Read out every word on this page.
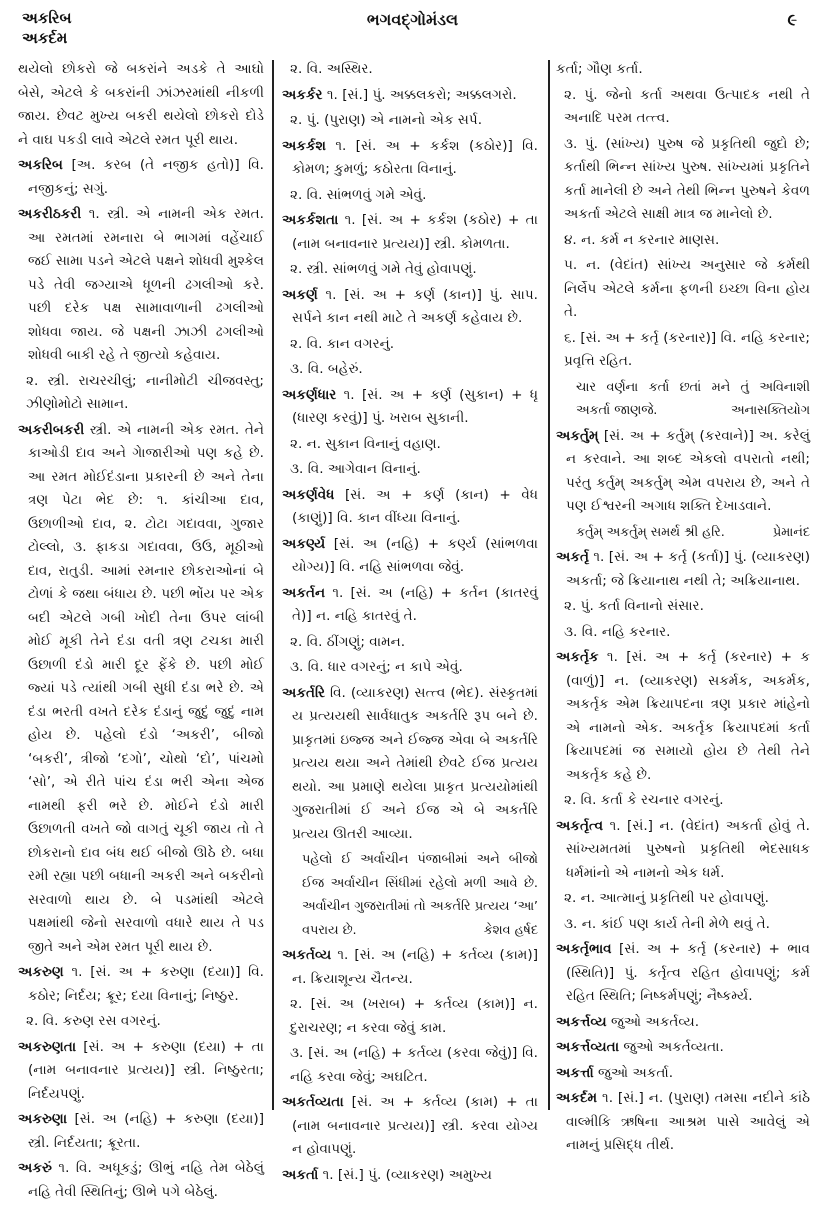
અકરિબ
અકર્દમ
ભગવદ્ગોમંડલ	૯

થયેલો છોકરો જે બકરાંને અડકે તે આઘો બેસે, એટલે કે બકરાંની ઝાંઝરમાંથી નીકળી જાય. છેવટ મુખ્ય બકરી થયેલો છોકરો દોડે ને વાઘ પકડી લાવે એટલે રમત પૂરી થાય.

અકરિબ [અ. કરબ (તે નજીક હતો)] વિ. નજીકનું; સગું.

અકરીઠકરી ૧. સ્ત્રી. એ નામની એક રમત. આ રમતમાં રમનારા બે ભાગમાં વહેંચાઈ જઈ સામા પડને એટલે પક્ષને શોધવી મુશ્કેલ પડે તેવી જગ્યાએ ધૂળની ઢગલીઓ કરે. પછી દરેક પક્ષ સામાવાળાની ઢગલીઓ શોધવા જાય. જે પક્ષની ઝાઝી ઢગલીઓ શોધવી બાકી રહે તે જીત્યો કહેવાય.

૨. સ્ત્રી. રાચરચીલું; નાનીમોટી ચીજવસ્તુ; ઝીણોમોટો સામાન.

અકરીબકરી સ્ત્રી. એ નામની એક રમત. તેને કાઓડી દાવ અને ગેાજારીઓ પણ કહે છે. આ રમત મોઈદંડાના પ્રકારની છે અને તેના ત્રણ પેટા ભેદ છે: ૧. કાંચીઆ દાવ, ઉછાળીઓ દાવ, ૨. ટોટા ગદાવવા, ગુજાર ટોલ્લો, ૩. ફાકડા ગદાવવા, ઉઉ, મૂઠીઓ દાવ, રાતુડી. આમાં રમનાર છોકરાઓનાં બે ટોળાં કે જથા બંધાય છે. પછી ભોંય પર એક બદી એટલે ગબી ખોદી તેના ઉપર લાંબી મોઈ મૂકી તેને દંડા વતી ત્રણ ટચકા મારી ઉછાળી દંડો મારી દૂર ફેંકે છે. પછી મોઈ જ્યાં પડે ત્યાંથી ગબી સુધી દંડા ભરે છે. એ દંડા ભરતી વખતે દરેક દંડાનું જુદું જુદું નામ હોય છે. પહેલો દંડો ‘અકરી’, બીજો ‘બકરી’, ત્રીજો ‘દગો’, ચોથો ‘દો’, પાંચમો ‘સો’, એ રીતે પાંચ દંડા ભરી એના એજ નામથી ફરી ભરે છે. મોઈને દંડો મારી ઉછાળતી વખતે જો વાગતું ચૂકી જાય તો તે છોકરાનો દાવ બંધ થઈ બીજો ઊઠે છે. બધા રમી રહ્યા પછી બધાની અકરી અને બકરીનો સરવાળો થાય છે. બે પડમાંથી એટલે પક્ષમાંથી જેનો સરવાળો વધારે થાય તે પડ જીતે અને એમ રમત પૂરી થાય છે.

અકરુણ ૧. [સં. અ + કરુણા (દયા)] વિ. કઠોર; નિર્દય; ક્રૂર; દયા વિનાનું; નિષ્ઠુર.

૨. વિ. કરુણ રસ વગરનું.

અકરુણતા [સં. અ + કરુણા (દયા) + તા (નામ બનાવનાર પ્રત્યય)] સ્ત્રી. નિષ્ઠુરતા; નિર્દયપણું.

અકરુણા [સં. અ (નહિ) + કરુણા (દયા)] સ્ત્રી. નિર્દયતા; ક્રૂરતા.

અકરું ૧. વિ. અધૂકડું; ઊભું નહિ તેમ બેઠેલું નહિ તેવી સ્થિતિનું; ઊભે પગે બેઠેલું.

૨. વિ. અસ્થિર.

અકર્કર ૧. [સં.] પું. અક્કલકરો; અક્કલગરો.

૨. પું. (પુરાણ) એ નામનો એક સર્પ.

અકર્કશ ૧. [સં. અ + કર્કશ (કઠોર)] વિ. કોમળ; કુમળું; કઠોરતા વિનાનું.

૨. વિ. સાંભળવું ગમે એવું.

અકર્કશતા ૧. [સં. અ + કર્કશ (કઠોર) + તા (નામ બનાવનાર પ્રત્યય)] સ્ત્રી. કોમળતા.

૨. સ્ત્રી. સાંભળવું ગમે તેવું હોવાપણું.

અકર્ણ ૧. [સં. અ + કર્ણ (કાન)] પું. સાપ. સર્પને કાન નથી માટે તે અકર્ણ કહેવાય છે.

૨. વિ. કાન વગરનું.

૩. વિ. બહેરું.

અકર્ણધાર ૧. [સં. અ + કર્ણ (સુકાન) + ધૃ (ધારણ કરવું)] પું. ખરાબ સુકાની.

૨. ન. સુકાન વિનાનું વહાણ.

૩. વિ. આગેવાન વિનાનું.

અકર્ણવેધ [સં. અ + કર્ણ (કાન) + વેધ (કાણું)] વિ. કાન વીંધ્યા વિનાનું.

અકર્ણ્ય [સં. અ (નહિ) + કર્ણ્ય (સાંભળવા યોગ્ય)] વિ. નહિ સાંભળવા જેવું.

અકર્તન ૧. [સં. અ (નહિ) + કર્તન (કાતરવું તે)] ન. નહિ કાતરવું તે.

૨. વિ. ઠીંગણું; વામન.

૩. વિ. ધાર વગરનું; ન કાપે એવું.

અકર્તરિ વિ. (વ્યાકરણ) સત્ત્વ (ભેદ). સંસ્કૃતમાં ય પ્રત્યયથી સાર્વધાતુક અકર્તરિ રૂપ બને છે. પ્રાકૃતમાં ઇજ્જ અને ઈજ્જ એવા બે અકર્તરિ પ્રત્યય થયા અને તેમાંથી છેવટે ઈજ પ્રત્યય થયો. આ પ્રમાણે થયેલા પ્રાકૃત પ્રત્યયોમાંથી ગુજરાતીમાં ઈ અને ઈજ એ બે અકર્તરિ પ્રત્યય ઊતરી આવ્યા.

પહેલો ઈ અર્વાચીન પંજાબીમાં અને બીજો ઈજ અર્વાચીન સિંધીમાં રહેલો મળી આવે છે. અર્વાચીન ગુજરાતીમાં તો અકર્તરિ પ્રત્યય ‘આ’ વપરાય છે.	કેશવ હર્ષદ

અકર્તવ્ય ૧. [સં. અ (નહિ) + કર્તવ્ય (કામ)] ન. ક્રિયાશૂન્ય ચૈતન્ય.

૨. [સં. અ (ખરાબ) + કર્તવ્ય (કામ)] ન. દુરાચરણ; ન કરવા જેવું કામ.

૩. [સં. અ (નહિ) + કર્તવ્ય (કરવા જેવું)] વિ. નહિ કરવા જેવું; અઘટિત.

અકર્તવ્યતા [સં. અ + કર્તવ્ય (કામ) + તા (નામ બનાવનાર પ્રત્યય)] સ્ત્રી. કરવા યોગ્ય ન હોવાપણું.

અકર્તા ૧. [સં.] પું. (વ્યાકરણ) અમુખ્ય

કર્તા; ગૌણ કર્તા.

૨. પું. જેનો કર્તા અથવા ઉત્પાદક નથી તે અનાદિ પરમ તત્ત્વ.

૩. પું. (સાંખ્ય) પુરુષ જે પ્રકૃતિથી જુદો છે; કર્તાથી ભિન્ન સાંખ્ય પુરુષ. સાંખ્યમાં પ્રકૃતિને કર્તા માનેલી છે અને તેથી ભિન્ન પુરુષને કેવળ અકર્તા એટલે સાક્ષી માત્ર જ માનેલો છે.

૪. ન. કર્મ ન કરનાર માણસ.

૫. ન. (વેદાંત) સાંખ્ય અનુસાર જે કર્મથી નિર્લેપ એટલે કર્મના ફળની ઇચ્છા વિના હોય તે.

૬. [સં. અ + કર્તૃ (કરનાર)] વિ. નહિ કરનાર; પ્રવૃત્તિ રહિત.

ચાર વર્ણના કર્તા છતાં મને તું અવિનાશી અકર્તા જાણજે.	અનાસક્તિયોગ

અકર્તુમ્ [સં. અ + કર્તુમ્ (કરવાને)] અ. કરેલું ન કરવાને. આ શબ્દ એકલો વપરાતો નથી; પરંતુ કર્તુમ્ અકર્તુમ્ એમ વપરાય છે, અને તે પણ ઈશ્વરની અગાધ શક્તિ દેખાડવાને.

કર્તુમ્ અકર્તુમ્ સમર્થ શ્રી હરિ.	પ્રેમાનંદ

અકર્તૃ ૧. [સં. અ + કર્તૃ (કર્તા)] પું. (વ્યાકરણ) અકર્તા; જે ક્રિયાનાથ નથી તે; અક્રિયાનાથ.

૨. પું. કર્તા વિનાનો સંસાર.

૩. વિ. નહિ કરનાર.

અકર્તૃક ૧. [સં. અ + કર્તૃ (કરનાર) + ક (વાળું)] ન. (વ્યાકરણ) સકર્મક, અકર્મક, અકર્તૃક એમ ક્રિયાપદના ત્રણ પ્રકાર માંહેનો એ નામનો એક. અકર્તૃક ક્રિયાપદમાં કર્તા ક્રિયાપદમાં જ સમાયો હોય છે તેથી તેને અકર્તૃક કહે છે.

૨. વિ. કર્તા કે રચનાર વગરનું.

અકર્તૃત્વ ૧. [સં.] ન. (વેદાંત) અકર્તા હોવું તે. સાંખ્યમતમાં પુરુષનો પ્રકૃતિથી ભેદસાધક ધર્મમાંનો એ નામનો એક ધર્મ.

૨. ન. આત્માનું પ્રકૃતિથી પર હોવાપણું.

૩. ન. કાંઈ પણ કાર્ય તેની મેળે થવું તે.

અકર્તૃભાવ [સં. અ + કર્તૃ (કરનાર) + ભાવ (સ્થિતિ)] પું. કર્તૃત્વ રહિત હોવાપણું; કર્મ રહિત સ્થિતિ; નિષ્કર્મપણું; નૈષ્કર્મ્ય.

અકર્ત્તવ્ય જુઓ અકર્તવ્ય.

અકર્ત્તવ્યતા જુઓ અકર્તવ્યતા.

અકર્ત્તા જુઓ અકર્તા.

અકર્દમ ૧. [સં.] ન. (પુરાણ) તમસા નદીને કાંઠે વાલ્મીકિ ઋષિના આશ્રમ પાસે આવેલું એ નામનું પ્રસિદ્ધ તીર્થ.
